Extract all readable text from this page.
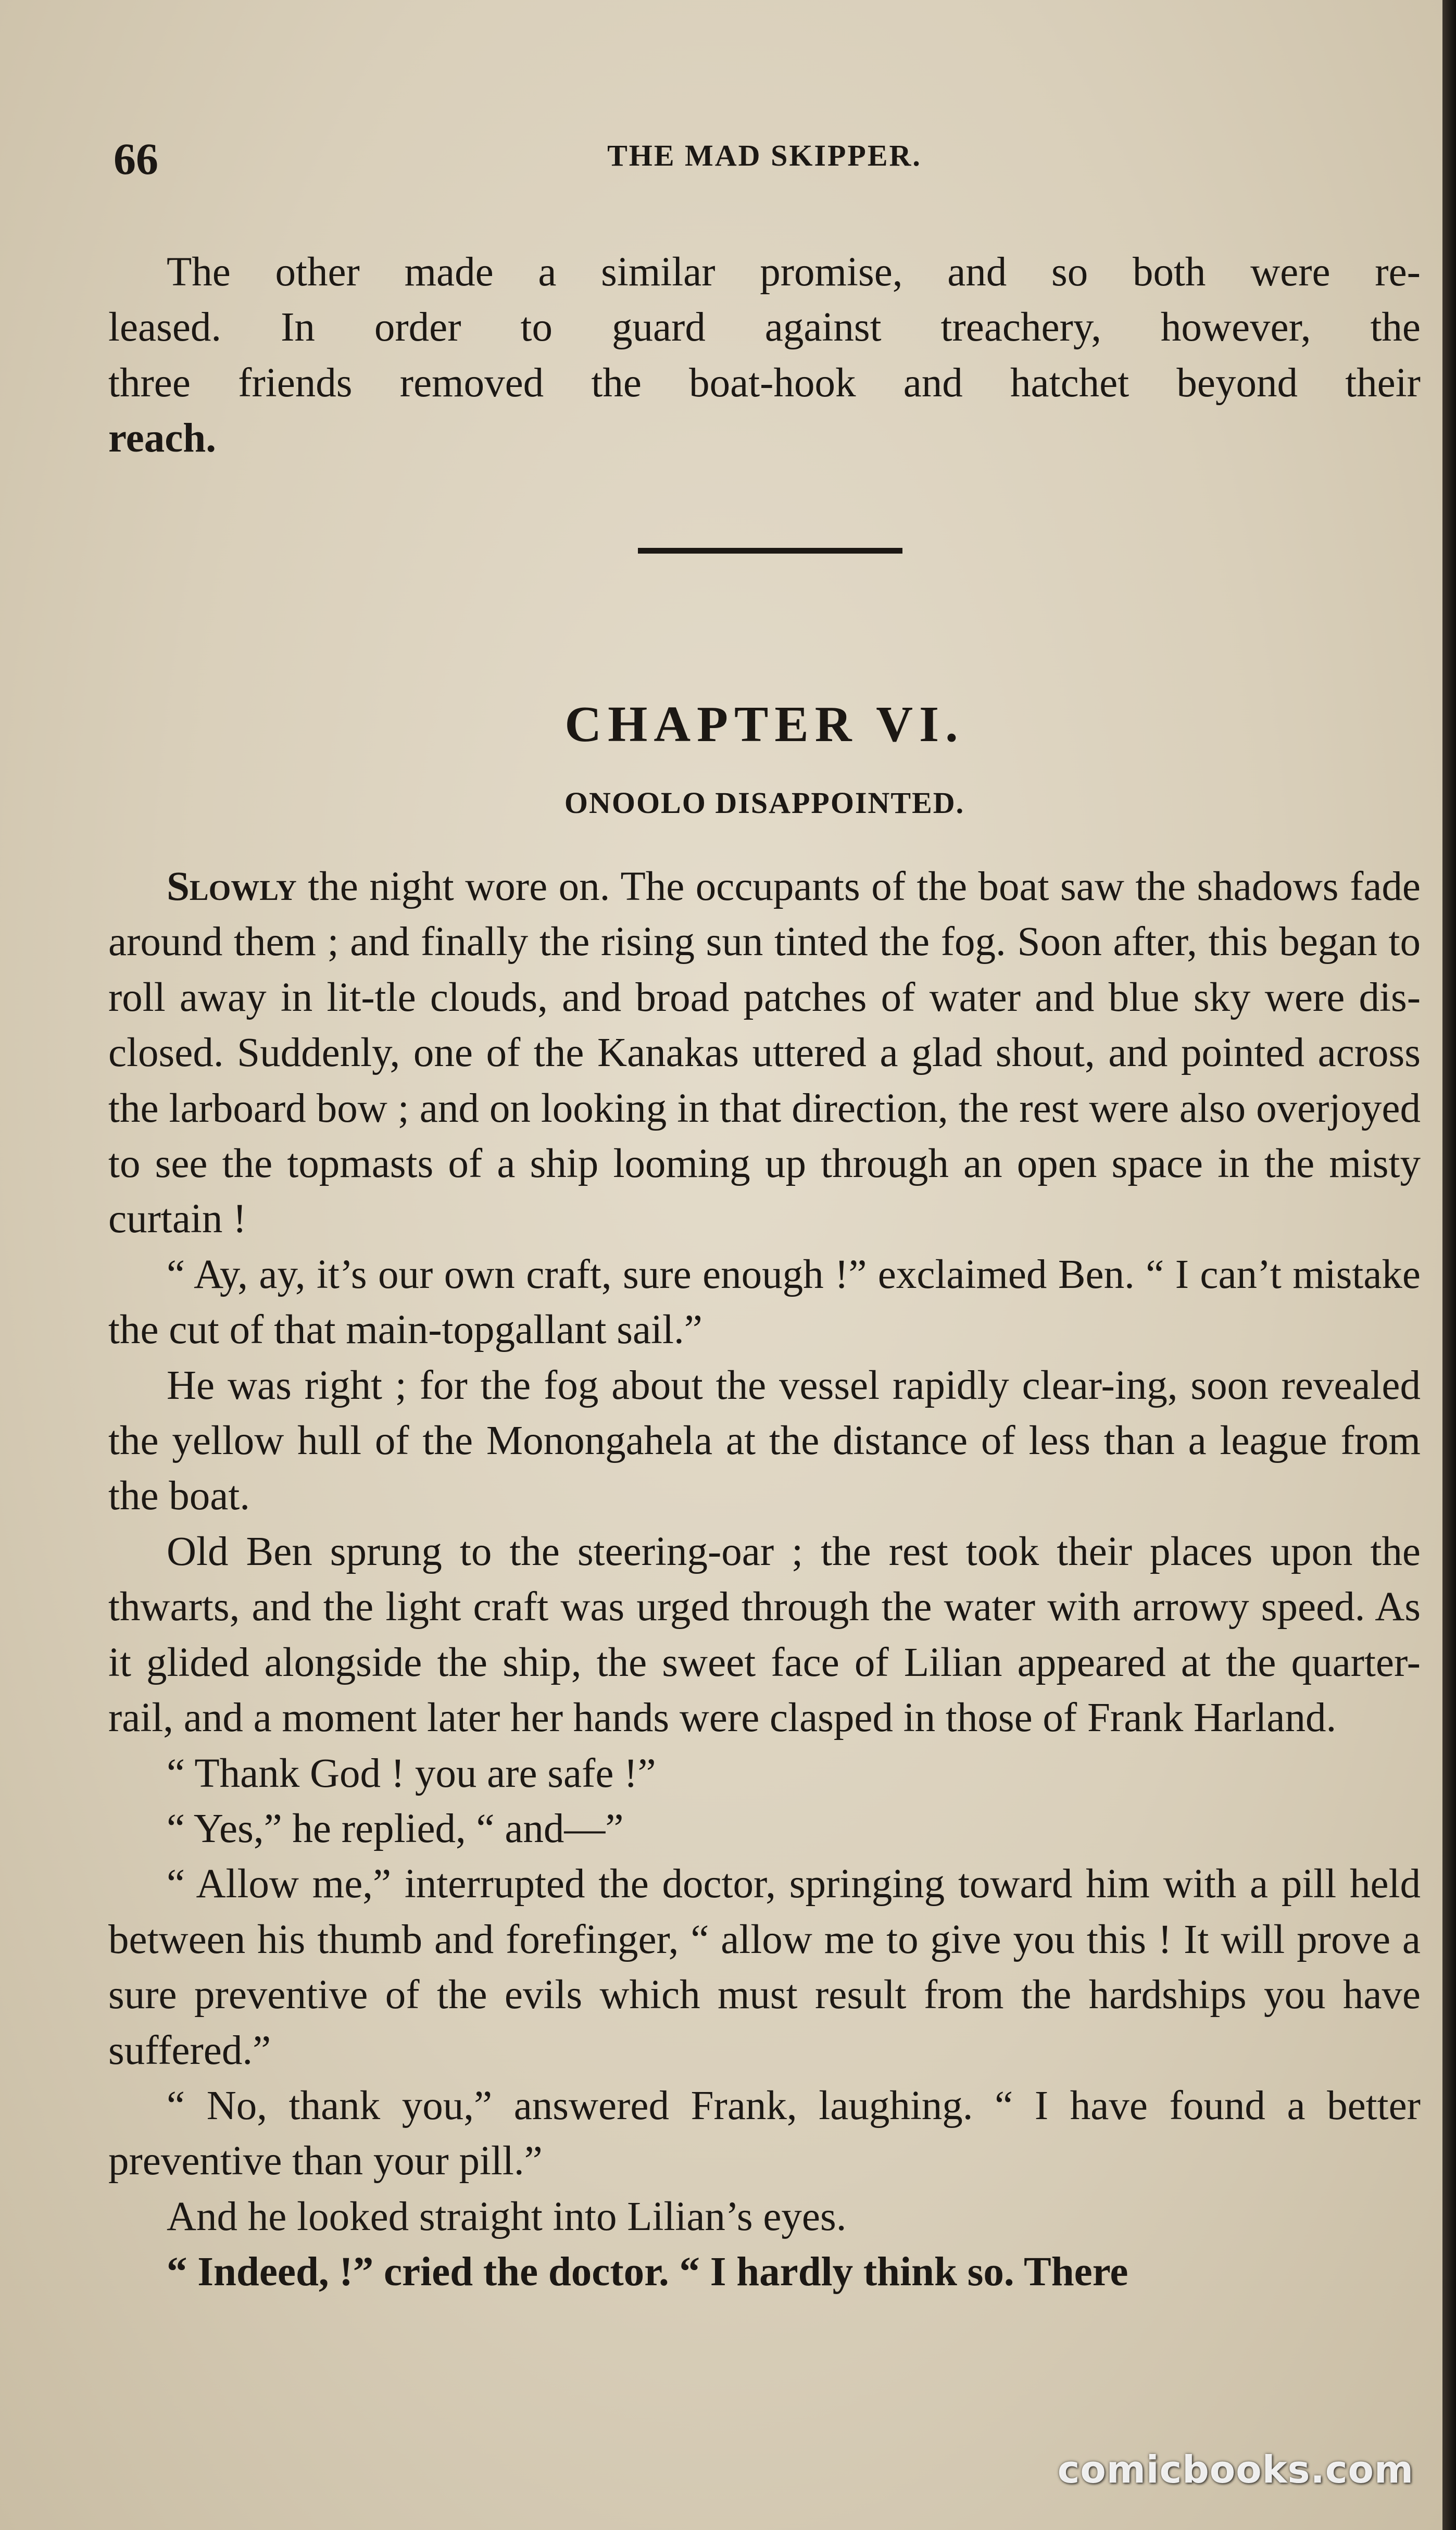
66	THE MAD SKIPPER.

The other made a similar promise, and so both were re-

leased. In order to guard against treachery, however, the

three friends removed the boat-hook and hatchet beyond their

reach.

CHAPTER VI.
ONOOLO DISAPPOINTED.

Slowly the night wore on. The occupants of the boat saw the shadows fade around them ; and finally the rising sun tinted the fog. Soon after, this began to roll away in lit-tle clouds, and broad patches of water and blue sky were dis-closed. Suddenly, one of the Kanakas uttered a glad shout, and pointed across the larboard bow ; and on looking in that direction, the rest were also overjoyed to see the topmasts of a ship looming up through an open space in the misty curtain !

“ Ay, ay, it’s our own craft, sure enough !” exclaimed Ben. “ I can’t mistake the cut of that main-topgallant sail.”

He was right ; for the fog about the vessel rapidly clear-ing, soon revealed the yellow hull of the Monongahela at the distance of less than a league from the boat.

Old Ben sprung to the steering-oar ; the rest took their places upon the thwarts, and the light craft was urged through the water with arrowy speed. As it glided alongside the ship, the sweet face of Lilian appeared at the quarter-rail, and a moment later her hands were clasped in those of Frank Harland.

“ Thank God ! you are safe !”

“ Yes,” he replied, “ and—”

“ Allow me,” interrupted the doctor, springing toward him with a pill held between his thumb and forefinger, “ allow me to give you this ! It will prove a sure preventive of the evils which must result from the hardships you have suffered.”

“ No, thank you,” answered Frank, laughing. “ I have found a better preventive than your pill.”

And he looked straight into Lilian’s eyes.

“ Indeed, !” cried the doctor. “ I hardly think so. There

comicbooks.com
